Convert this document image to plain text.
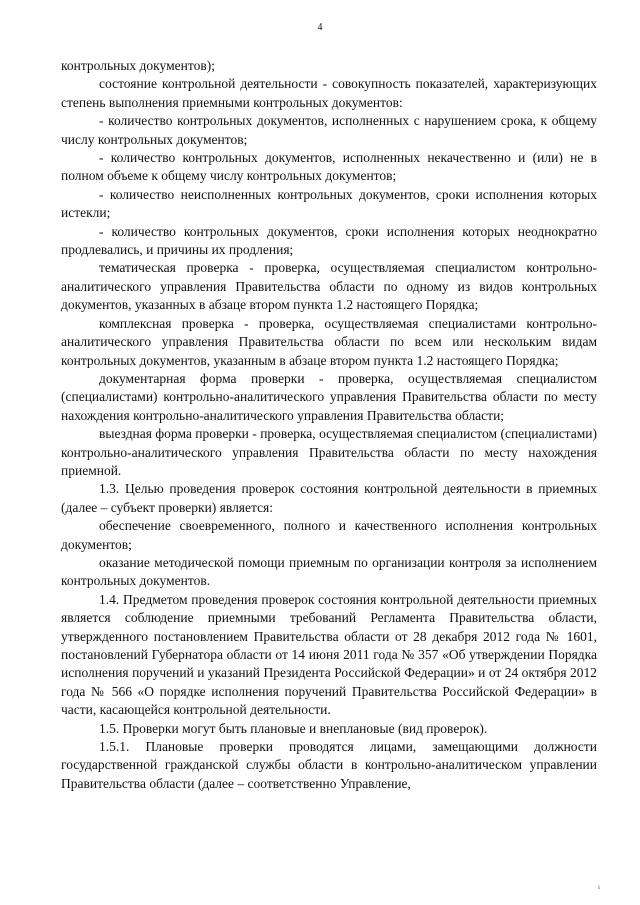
4

контрольных документов);

состояние контрольной деятельности - совокупность показателей, характеризующих степень выполнения приемными контрольных документов:

- количество контрольных документов, исполненных с нарушением срока, к общему числу контрольных документов;

- количество контрольных документов, исполненных некачественно и (или) не в полном объеме к общему числу контрольных документов;

- количество неисполненных контрольных документов, сроки исполнения которых истекли;

- количество контрольных документов, сроки исполнения которых неоднократно продлевались, и причины их продления;

тематическая проверка - проверка, осуществляемая специалистом контрольно-аналитического управления Правительства области по одному из видов контрольных документов, указанных в абзаце втором пункта 1.2 настоящего Порядка;

комплексная проверка - проверка, осуществляемая специалистами контрольно-аналитического управления Правительства области по всем или нескольким видам контрольных документов, указанным в абзаце втором пункта 1.2 настоящего Порядка;

документарная форма проверки - проверка, осуществляемая специалистом (специалистами) контрольно-аналитического управления Правительства области по месту нахождения контрольно-аналитического управления Правительства области;

выездная форма проверки - проверка, осуществляемая специалистом (специалистами) контрольно-аналитического управления Правительства области по месту нахождения приемной.

1.3. Целью проведения проверок состояния контрольной деятельности в приемных (далее – субъект проверки) является:

обеспечение своевременного, полного и качественного исполнения контрольных документов;

оказание методической помощи приемным по организации контроля за исполнением контрольных документов.

1.4. Предметом проведения проверок состояния контрольной деятельности приемных является соблюдение приемными требований Регламента Правительства области, утвержденного постановлением Правительства области от 28 декабря 2012 года № 1601, постановлений Губернатора области от 14 июня 2011 года № 357 «Об утверждении Порядка исполнения поручений и указаний Президента Российской Федерации» и от 24 октября 2012 года № 566 «О порядке исполнения поручений Правительства Российской Федерации» в части, касающейся контрольной деятельности.

1.5. Проверки могут быть плановые и внеплановые (вид проверок).

1.5.1. Плановые проверки проводятся лицами, замещающими должности государственной гражданской службы области в контрольно-аналитическом управлении Правительства области (далее – соответственно Управление,

ı
